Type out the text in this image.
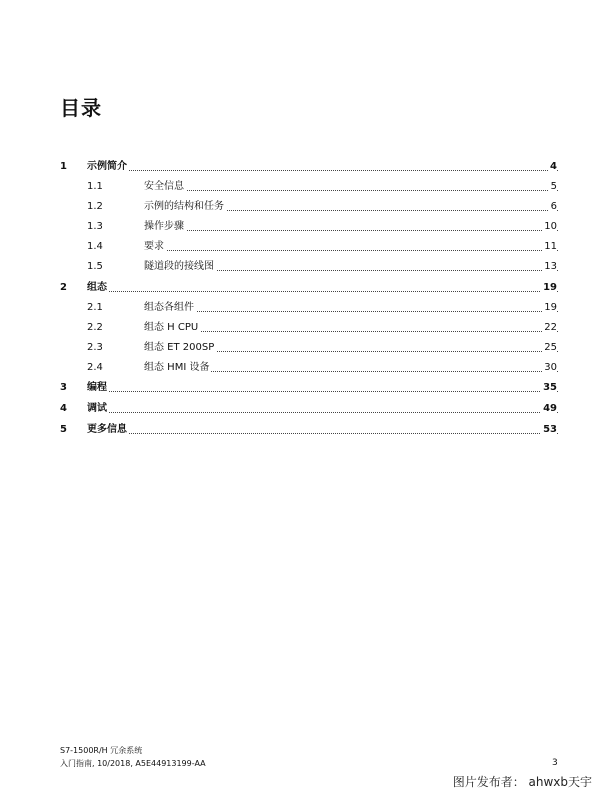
目录
1 示例简介	4
1.1	安全信息	5
1.2	示例的结构和任务	6
1.3	操作步骤	10
1.4	要求	11
1.5	隧道段的接线图	13
2 组态	19
2.1	组态各组件	19
2.2	组态 H CPU	22
2.3	组态 ET 200SP	25
2.4	组态 HMI 设备	30
3 编程	35
4 调试	49
5 更多信息	53
S7-1500R/H 冗余系统
入门指南, 10/2018, A5E44913199-AA	3
图片发布者： ahwxb天宇
